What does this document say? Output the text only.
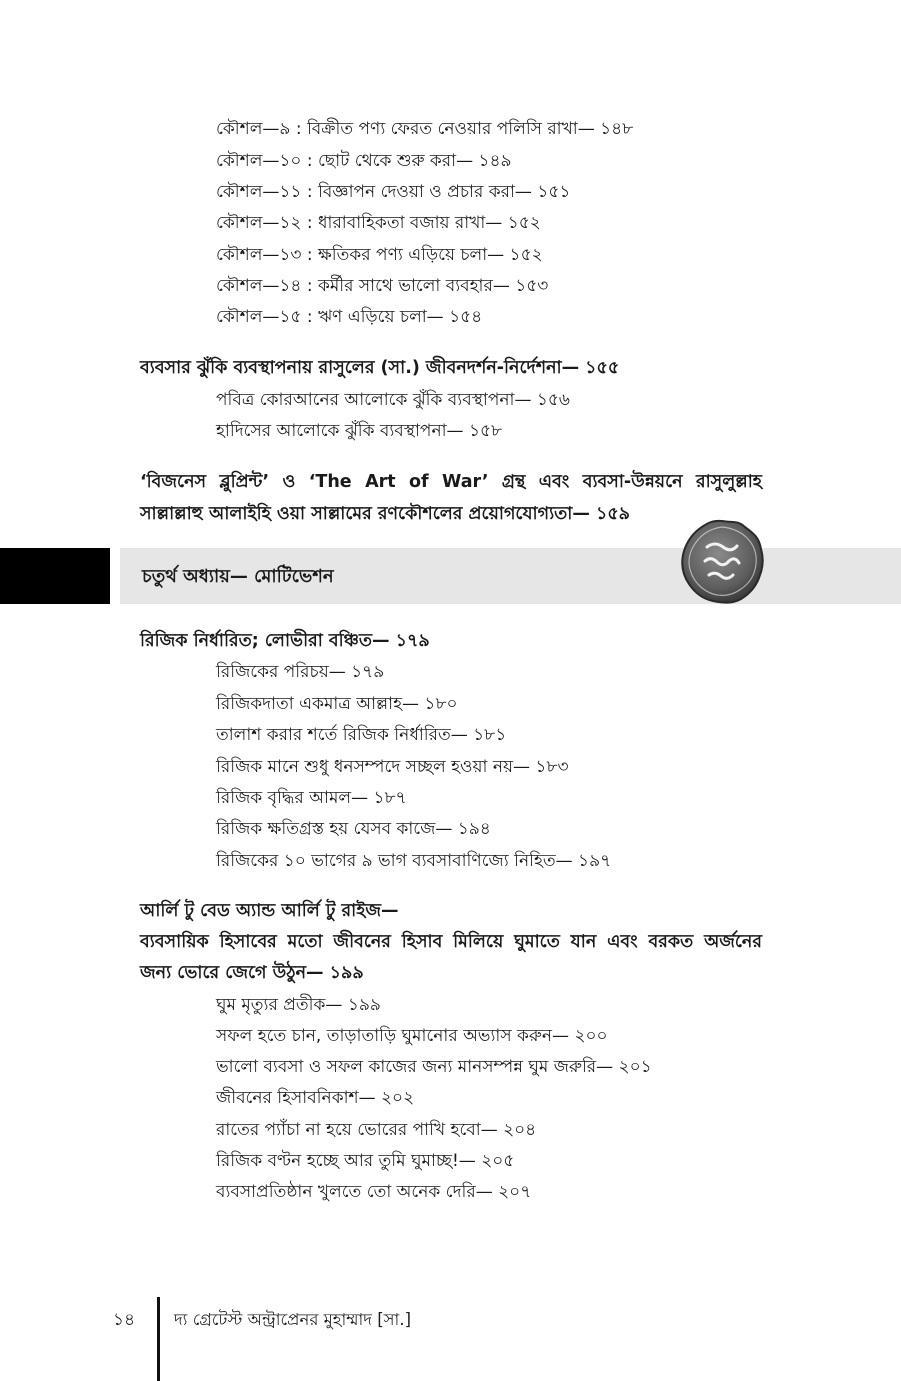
কৌশল—৯ : বিক্রীত পণ্য ফেরত নেওয়ার পলিসি রাখা— ১৪৮
কৌশল—১০ : ছোট থেকে শুরু করা— ১৪৯
কৌশল—১১ : বিজ্ঞাপন দেওয়া ও প্রচার করা— ১৫১
কৌশল—১২ : ধারাবাহিকতা বজায় রাখা— ১৫২
কৌশল—১৩ : ক্ষতিকর পণ্য এড়িয়ে চলা— ১৫২
কৌশল—১৪ : কর্মীর সাথে ভালো ব্যবহার— ১৫৩
কৌশল—১৫ : ঋণ এড়িয়ে চলা— ১৫৪
ব্যবসার ঝুঁকি ব্যবস্থাপনায় রাসুলের (সা.) জীবনদর্শন-নির্দেশনা— ১৫৫
পবিত্র কোরআনের আলোকে ঝুঁকি ব্যবস্থাপনা— ১৫৬
হাদিসের আলোকে ঝুঁকি ব্যবস্থাপনা— ১৫৮
‘বিজনেস ব্লুপ্রিন্ট’ ও ‘The Art of War’ গ্রন্থ এবং ব্যবসা-উন্নয়নে রাসুলুল্লাহ
সাল্লাল্লাহু আলাইহি ওয়া সাল্লামের রণকৌশলের প্রয়োগযোগ্যতা— ১৫৯
চতুর্থ অধ্যায়— মোটিভেশন
রিজিক নির্ধারিত; লোভীরা বঞ্চিত— ১৭৯
রিজিকের পরিচয়— ১৭৯
রিজিকদাতা একমাত্র আল্লাহ— ১৮০
তালাশ করার শর্তে রিজিক নির্ধারিত— ১৮১
রিজিক মানে শুধু ধনসম্পদে সচ্ছল হওয়া নয়— ১৮৩
রিজিক বৃদ্ধির আমল— ১৮৭
রিজিক ক্ষতিগ্রস্ত হয় যেসব কাজে— ১৯৪
রিজিকের ১০ ভাগের ৯ ভাগ ব্যবসাবাণিজ্যে নিহিত— ১৯৭
আর্লি টু বেড অ্যান্ড আর্লি টু রাইজ—
ব্যবসায়িক হিসাবের মতো জীবনের হিসাব মিলিয়ে ঘুমাতে যান এবং বরকত অর্জনের
জন্য ভোরে জেগে উঠুন— ১৯৯
ঘুম মৃত্যুর প্রতীক— ১৯৯
সফল হতে চান, তাড়াতাড়ি ঘুমানোর অভ্যাস করুন— ২০০
ভালো ব্যবসা ও সফল কাজের জন্য মানসম্পন্ন ঘুম জরুরি— ২০১
জীবনের হিসাবনিকাশ— ২০২
রাতের প্যাঁচা না হয়ে ভোরের পাখি হবো— ২০৪
রিজিক বণ্টন হচ্ছে আর তুমি ঘুমাচ্ছ!— ২০৫
ব্যবসাপ্রতিষ্ঠান খুলতে তো অনেক দেরি— ২০৭
১৪ দ্য গ্রেটেস্ট অন্ট্রাপ্রেনর মুহাম্মাদ [সা.]
